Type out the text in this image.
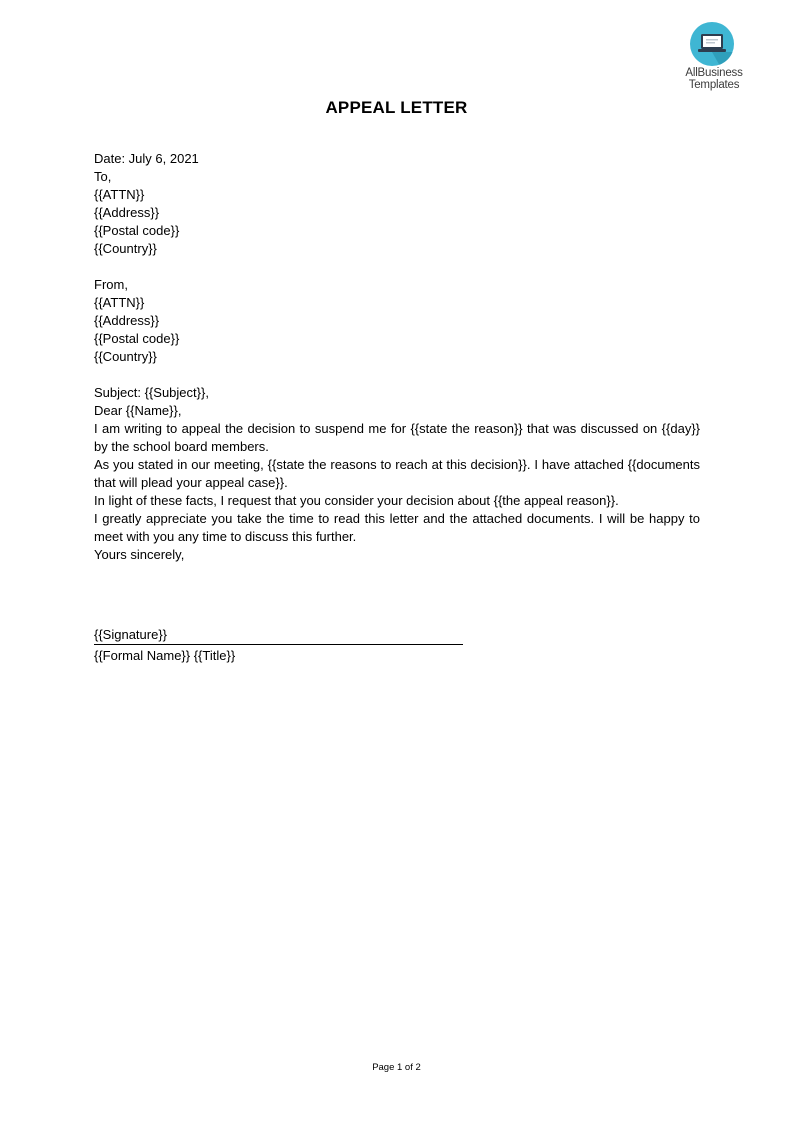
AllBusiness
Templates
APPEAL LETTER

Date: July 6, 2021

To,
{{ATTN}}
{{Address}}
{{Postal code}}
{{Country}}
From,
{{ATTN}}
{{Address}}
{{Postal code}}
{{Country}}

Subject: {{Subject}},

Dear {{Name}},

I am writing to appeal the decision to suspend me for {{state the reason}} that was discussed on {{day}} by the school board members.

As you stated in our meeting, {{state the reasons to reach at this decision}}. I have attached {{documents that will plead your appeal case}}.

In light of these facts, I request that you consider your decision about {{the appeal reason}}.

I greatly appreciate you take the time to read this letter and the attached documents. I will be happy to meet with you any time to discuss this further.

Yours sincerely,

{{Signature}}

{{Formal Name}} {{Title}}

Page 1 of 2
